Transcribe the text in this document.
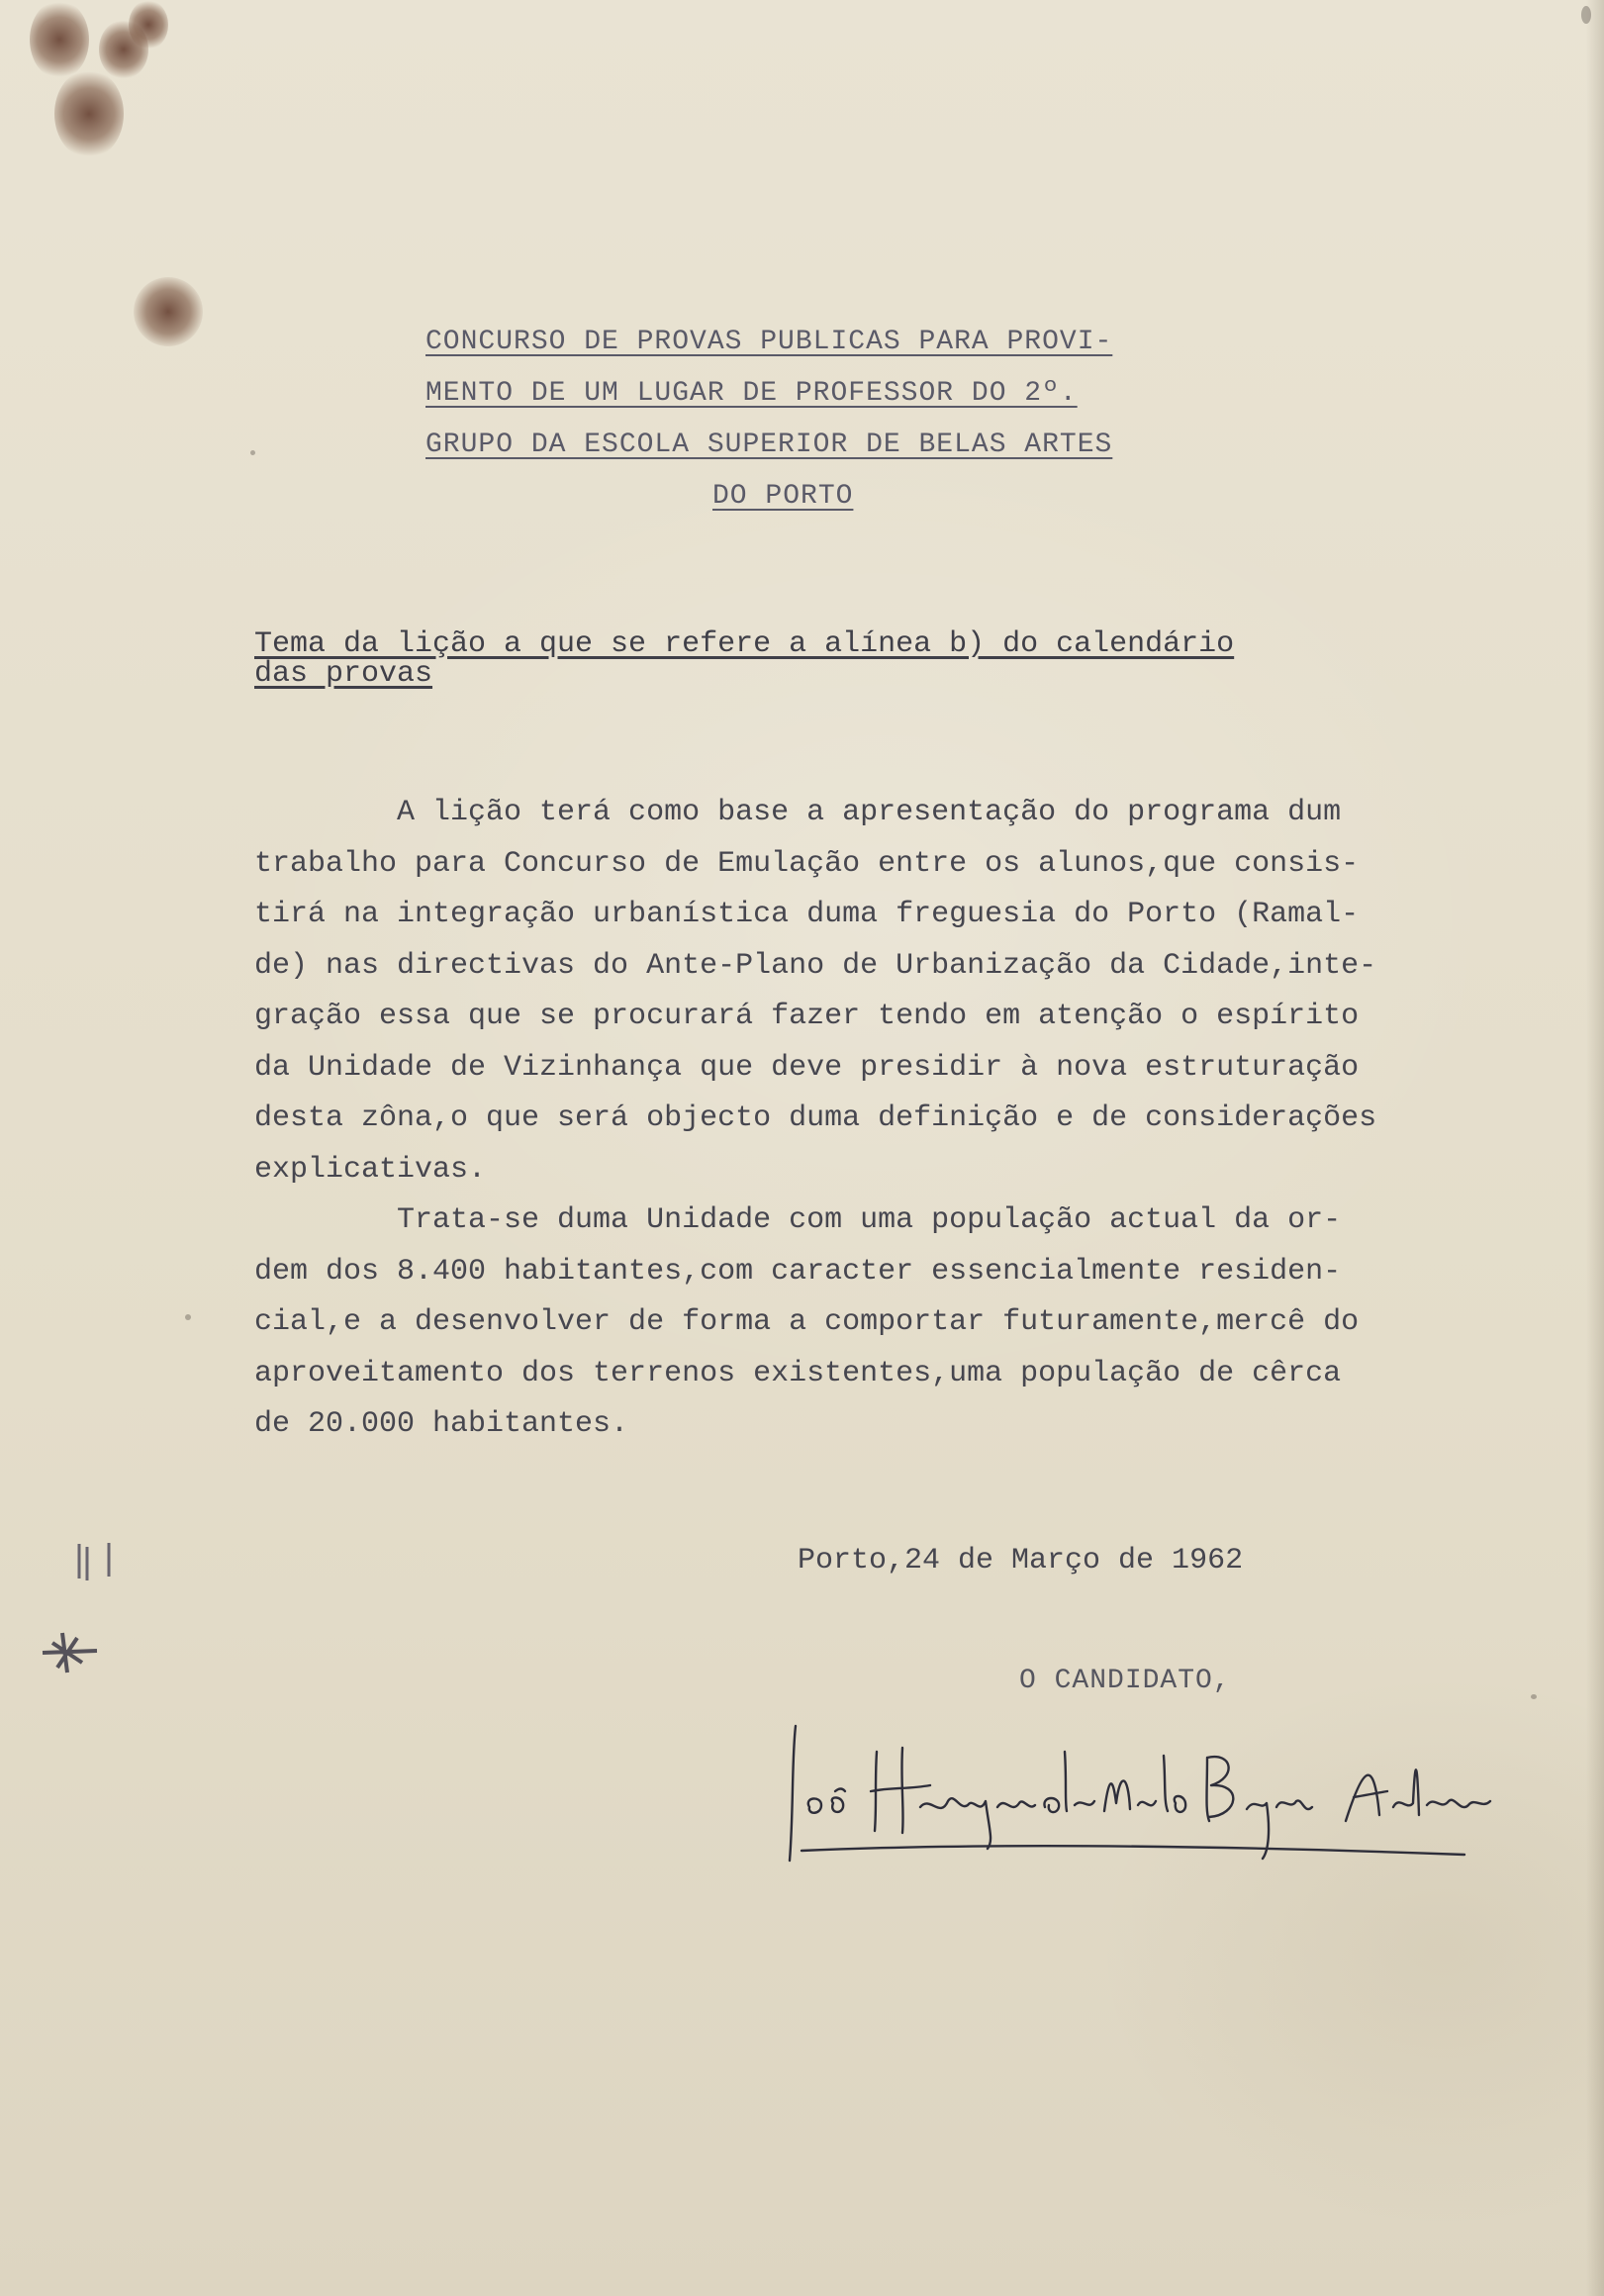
CONCURSO DE PROVAS PUBLICAS PARA PROVI-
MENTO DE UM LUGAR DE PROFESSOR DO 2º.
GRUPO DA ESCOLA SUPERIOR DE BELAS ARTES
DO PORTO
Tema da lição a que se refere a alínea b) do calendário
das provas
A lição terá como base a apresentação do programa dum
trabalho para Concurso de Emulação entre os alunos,que consis-
tirá na integração urbanística duma freguesia do Porto (Ramal-
de) nas directivas do Ante-Plano de Urbanização da Cidade,inte-
gração essa que se procurará fazer tendo em atenção o espírito
da Unidade de Vizinhança que deve presidir à nova estruturação
desta zôna,o que será objecto duma definição e de considerações
explicativas.
Trata-se duma Unidade com uma população actual da or-
dem dos 8.400 habitantes,com caracter essencialmente residen-
cial,e a desenvolver de forma a comportar futuramente,mercê do
aproveitamento dos terrenos existentes,uma população de cêrca
de 20.000 habitantes.
Porto,24 de Março de 1962
O CANDIDATO,
